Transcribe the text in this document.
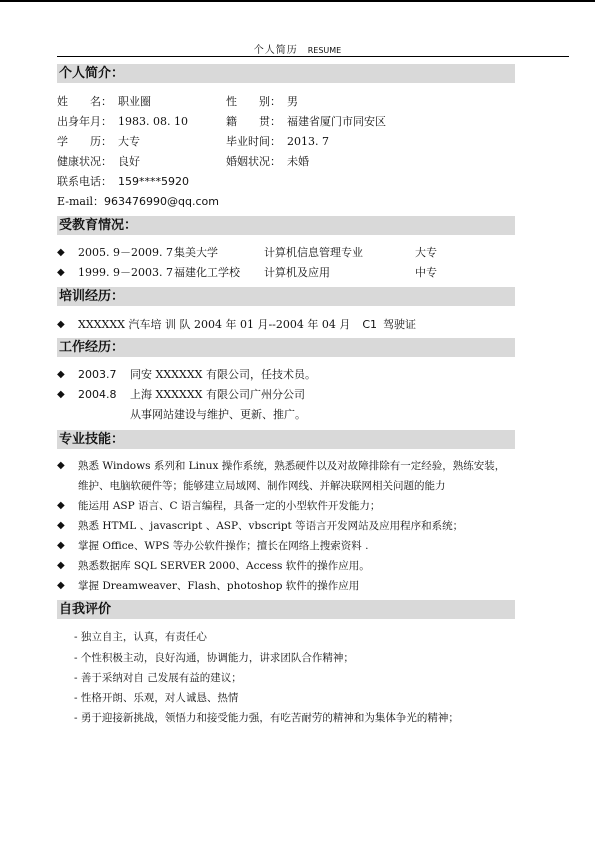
个人简历 RESUME
个人简介：
姓　　名： 职业圈	性　　别： 男
出身年月： 1983. 08. 10	籍　　贯： 福建省厦门市同安区
学　　历： 大专	毕业时间： 2013. 7
健康状况： 良好	婚姻状况： 未婚
联系电话： 159****5920
E-mail： 963476990@qq.com
受教育情况：
◆ 2005. 9－2009. 7 集美大学	计算机信息管理专业	大专
◆ 1999. 9－2003. 7 福建化工学校 计算机及应用	中专
培训经历：
◆ XXXXXX 汽车培 训 队 2004 年 01 月--2004 年 04 月 C1 驾驶证
工作经历：
◆ 2003.7 同安 XXXXXX 有限公司，任技术员。
◆ 2004.8 上海 XXXXXX 有限公司广州分公司
从事网站建设与维护、更新、推广。
专业技能：
◆ 熟悉 Windows 系列和 Linux 操作系统，熟悉硬件以及对故障排除有一定经验，熟练安装，
维护、电脑软硬件等；能够建立局域网、制作网线、并解决联网相关问题的能力
◆ 能运用 ASP 语言、C 语言编程，具备一定的小型软件开发能力；
◆ 熟悉 HTML 、javascript 、ASP、vbscript 等语言开发网站及应用程序和系统；
◆ 掌握 Office、WPS 等办公软件操作；擅长在网络上搜索资料 .
◆ 熟悉数据库 SQL SERVER 2000、Access 软件的操作应用。
◆ 掌握 Dreamweaver、Flash、photoshop 软件的操作应用
自我评价
- 独立自主，认真，有责任心
- 个性积极主动，良好沟通，协调能力，讲求团队合作精神；
- 善于采纳对自 己发展有益的建议；
- 性格开朗、乐观，对人诚恳、热情
- 勇于迎接新挑战，领悟力和接受能力强，有吃苦耐劳的精神和为集体争光的精神；
